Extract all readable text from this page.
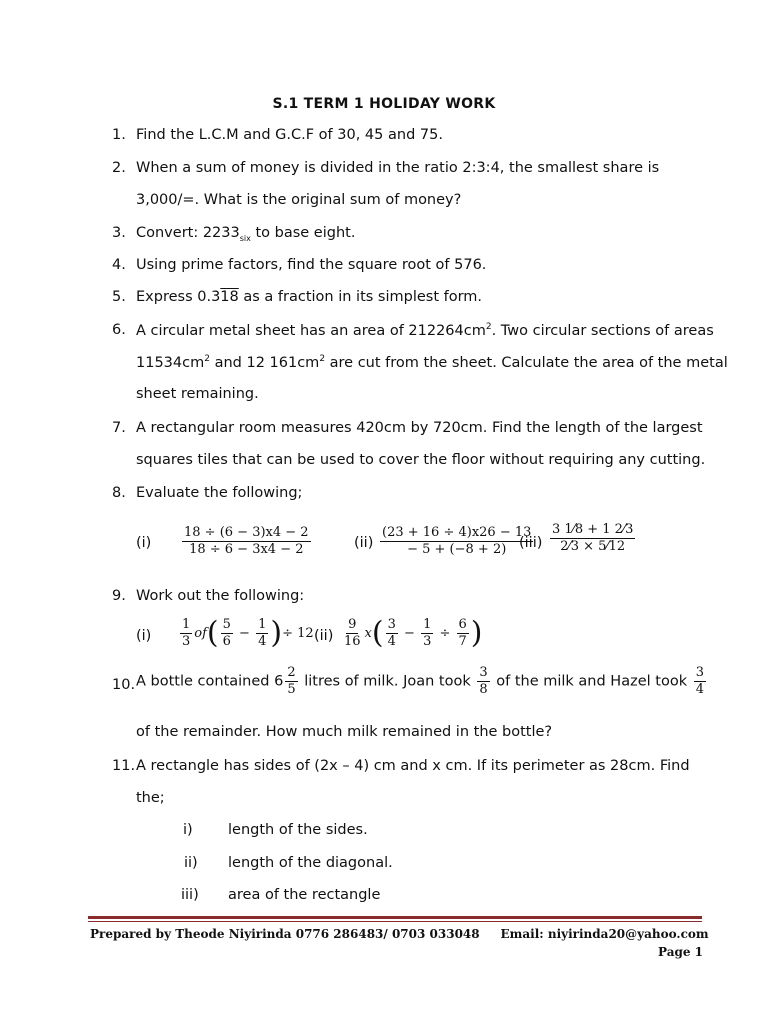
S.1 TERM 1 HOLIDAY WORK
1. Find the L.C.M and G.C.F of 30, 45 and 75.
2. When a sum of money is divided in the ratio 2:3:4, the smallest share is
3,000/=. What is the original sum of money?
3. Convert: $2233_{six}$ to base eight.
4. Using prime factors, find the square root of 576.
5. Express 0.318 as a fraction in its simplest form.
6. A circular metal sheet has an area of $212264cm^2$. Two circular sections of areas
$11534cm^2$ and 12 $161cm^2$ are cut from the sheet. Calculate the area of the metal
sheet remaining.
7. A rectangular room measures 420cm by 720cm. Find the length of the largest
squares tiles that can be used to cover the floor without requiring any cutting.
8. Evaluate the following;
$(i) \frac{18 \div (6 - 3)x4 - 2}{18 \div 6 - 3x4 - 2}$	$(ii) \frac{(23 + 16 \div 4)x26 - 13}{- 5 + (-8 + 2)}$
$(iii) \frac{3 1⁄8 + 1 2⁄3}{2⁄3 \times 5⁄12}$
9. Work out the following:
$(i) \frac{1}{3} of( \frac{5}{6} - \frac{1}{4}$ )÷ 12 $(ii) \frac{9}{16} x( \frac{3}{4} - \frac{1}{3} \div \frac{6}{7}$ )
10. A bottle contained $6 \frac{2}{5}$ litres of milk. Joan took $\frac{3}{8}$ of the milk and Hazel took $\frac{3}{4}$
of the remainder. How much milk remained in the bottle?
11. A rectangle has sides of (2x – 4) cm and x cm. If its perimeter as 28cm. Find
the;
i) length of the sides.
ii) length of the diagonal.
iii) area of the rectangle
Prepared by Theode Niyirinda 0776 286483/ 0703 033048 Email: niyirinda20@yahoo.com
Page 1
